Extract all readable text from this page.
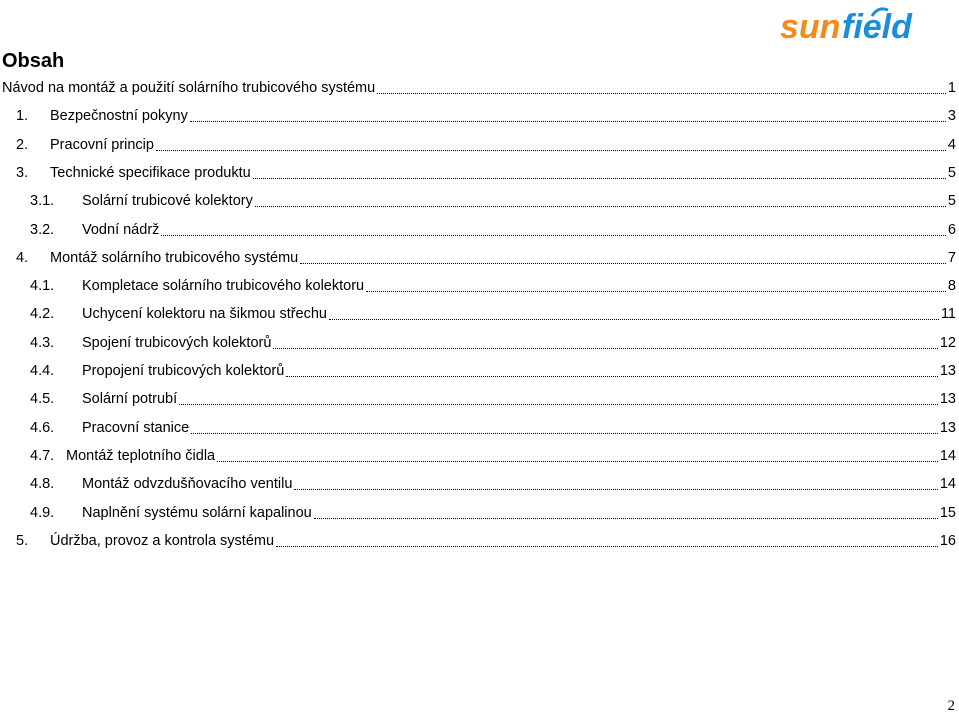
sun field
Obsah
Návod na montáž a použití solárního trubicového systému	1
1.	Bezpečnostní pokyny	3
2.	Pracovní princip	4
3.	Technické specifikace produktu	5
3.1.	Solární trubicové kolektory	5
3.2.	Vodní nádrž	6
4.	Montáž solárního trubicového systému	7
4.1.	Kompletace solárního trubicového kolektoru	8
4.2.	Uchycení kolektoru na šikmou střechu	11
4.3.	Spojení trubicových kolektorů	12
4.4.	Propojení trubicových kolektorů	13
4.5.	Solární potrubí	13
4.6.	Pracovní stanice	13
4.7. Montáž teplotního čidla	14
4.8.	Montáž odvzdušňovacího ventilu	14
4.9.	Naplnění systému solární kapalinou	15
5.	Údržba, provoz a kontrola systému	16
2
